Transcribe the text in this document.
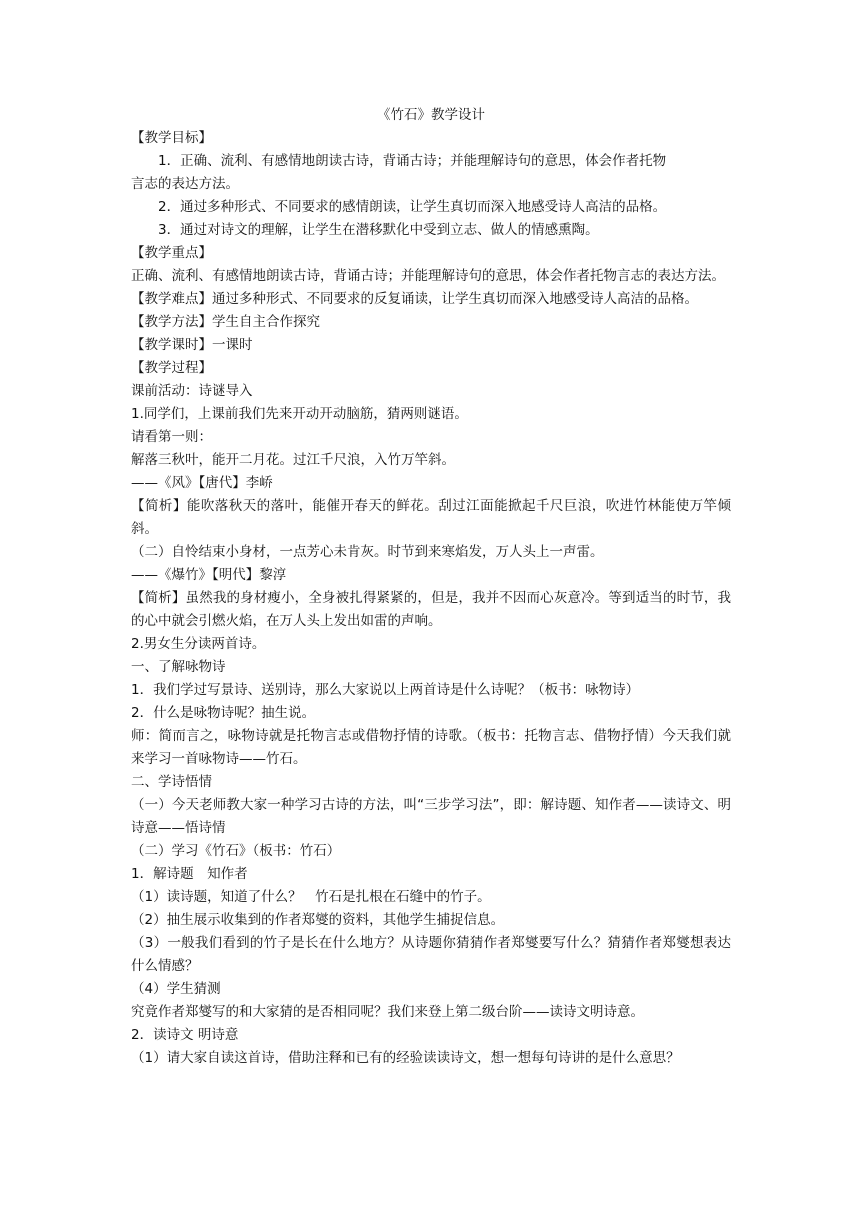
《竹石》教学设计

【教学目标】

1．正确、流利、有感情地朗读古诗，背诵古诗；并能理解诗句的意思，体会作者托物

言志的表达方法。

2．通过多种形式、不同要求的感情朗读，让学生真切而深入地感受诗人高洁的品格。

3．通过对诗文的理解，让学生在潜移默化中受到立志、做人的情感熏陶。

【教学重点】

正确、流利、有感情地朗读古诗，背诵古诗；并能理解诗句的意思，体会作者托物言志的表达方法。

【教学难点】通过多种形式、不同要求的反复诵读，让学生真切而深入地感受诗人高洁的品格。

【教学方法】学生自主合作探究

【教学课时】一课时

【教学过程】

课前活动：诗谜导入

1.同学们，上课前我们先来开动开动脑筋，猜两则谜语。

请看第一则：

解落三秋叶，能开二月花。过江千尺浪，入竹万竿斜。

——《风》【唐代】李峤

【简析】能吹落秋天的落叶，能催开春天的鲜花。刮过江面能掀起千尺巨浪，吹进竹林能使万竿倾斜。

（二）自怜结束小身材，一点芳心未肯灰。时节到来寒焰发，万人头上一声雷。

——《爆竹》【明代】黎淳

【简析】虽然我的身材瘦小，全身被扎得紧紧的，但是，我并不因而心灰意冷。等到适当的时节，我的心中就会引燃火焰，在万人头上发出如雷的声响。

2.男女生分读两首诗。

一、了解咏物诗

1．我们学过写景诗、送别诗，那么大家说以上两首诗是什么诗呢？（板书：咏物诗）

2．什么是咏物诗呢？抽生说。

师：简而言之，咏物诗就是托物言志或借物抒情的诗歌。（板书：托物言志、借物抒情）今天我们就来学习一首咏物诗——竹石。

二、学诗悟情

（一）今天老师教大家一种学习古诗的方法，叫“三步学习法”，即：解诗题、知作者——读诗文、明诗意——悟诗情

（二）学习《竹石》（板书：竹石）

1．解诗题　知作者

（1）读诗题，知道了什么？　竹石是扎根在石缝中的竹子。

（2）抽生展示收集到的作者郑燮的资料，其他学生捕捉信息。

（3）一般我们看到的竹子是长在什么地方？从诗题你猜猜作者郑燮要写什么？猜猜作者郑燮想表达什么情感？

（4）学生猜测

究竟作者郑燮写的和大家猜的是否相同呢？我们来登上第二级台阶——读诗文明诗意。

2．读诗文 明诗意

（1）请大家自读这首诗，借助注释和已有的经验读读诗文，想一想每句诗讲的是什么意思？
